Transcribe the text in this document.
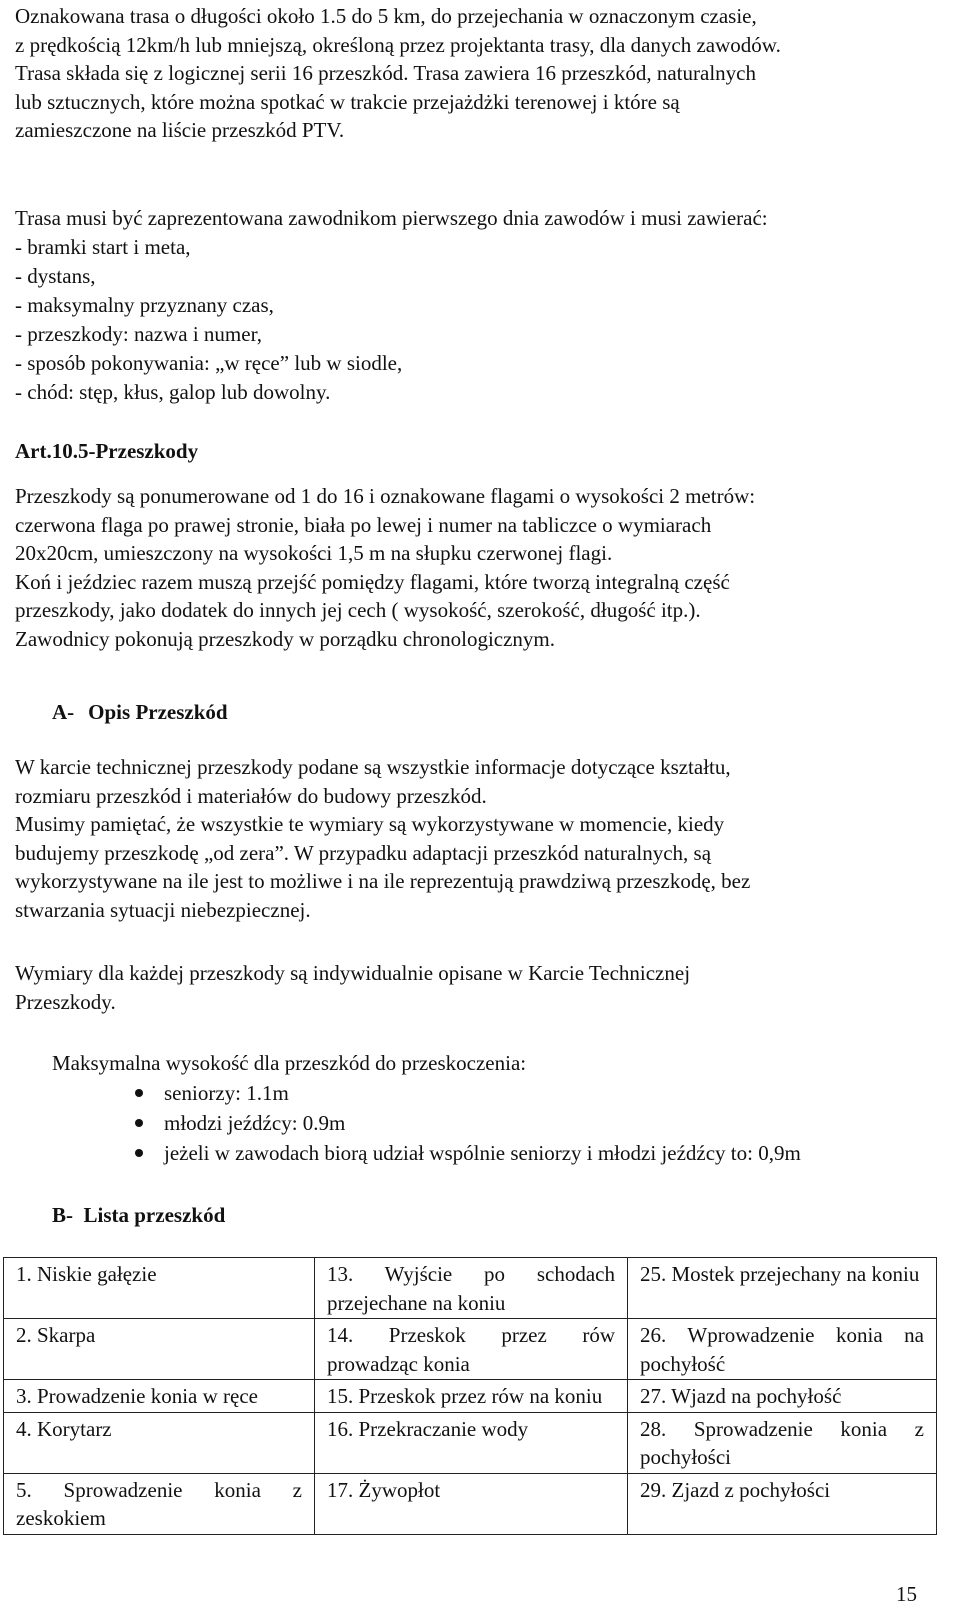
Oznakowana trasa o długości około 1.5 do 5 km, do przejechania w oznaczonym czasie,

z prędkością 12km/h lub mniejszą, określoną przez projektanta trasy, dla danych zawodów.

Trasa składa się z logicznej serii 16 przeszkód. Trasa zawiera 16 przeszkód, naturalnych

lub sztucznych, które można spotkać w trakcie przejażdżki terenowej i które są

zamieszczone na liście przeszkód PTV.

Trasa musi być zaprezentowana zawodnikom pierwszego dnia zawodów i musi zawierać:

- bramki start i meta,

- dystans,

- maksymalny przyznany czas,

- przeszkody: nazwa i numer,

- sposób pokonywania: „w ręce” lub w siodle,

- chód: stęp, kłus, galop lub dowolny.

Art.10.5-Przeszkody

Przeszkody są ponumerowane od 1 do 16 i oznakowane flagami o wysokości 2 metrów:

czerwona flaga po prawej stronie, biała po lewej i numer na tabliczce o wymiarach

20x20cm, umieszczony na wysokości 1,5 m na słupku czerwonej flagi.

Koń i jeździec razem muszą przejść pomiędzy flagami, które tworzą integralną część

przeszkody, jako dodatek do innych jej cech ( wysokość, szerokość, długość itp.).

Zawodnicy pokonują przeszkody w porządku chronologicznym.

A- Opis Przeszkód

W karcie technicznej przeszkody podane są wszystkie informacje dotyczące kształtu,

rozmiaru przeszkód i materiałów do budowy przeszkód.

Musimy pamiętać, że wszystkie te wymiary są wykorzystywane w momencie, kiedy

budujemy przeszkodę „od zera”. W przypadku adaptacji przeszkód naturalnych, są

wykorzystywane na ile jest to możliwe i na ile reprezentują prawdziwą przeszkodę, bez

stwarzania sytuacji niebezpiecznej.

Wymiary dla każdej przeszkody są indywidualnie opisane w Karcie Technicznej

Przeszkody.

Maksymalna wysokość dla przeszkód do przeskoczenia:
seniorzy: 1.1m
młodzi jeźdźcy: 0.9m
jeżeli w zawodach biorą udział wspólnie seniorzy i młodzi jeźdźcy to: 0,9m
B- Lista przeszkód
15
1. Niskie gałęzie	13. Wyjście po schodach przejechane na koniu	25. Mostek przejechany na koniu
2. Skarpa	14. Przeskok przez rów prowadząc konia	26. Wprowadzenie konia na pochyłość
3. Prowadzenie konia w ręce	15. Przeskok przez rów na koniu	27. Wjazd na pochyłość
4. Korytarz	16. Przekraczanie wody	28. Sprowadzenie konia z pochyłości
5. Sprowadzenie konia z zeskokiem	17. Żywopłot	29. Zjazd z pochyłości
